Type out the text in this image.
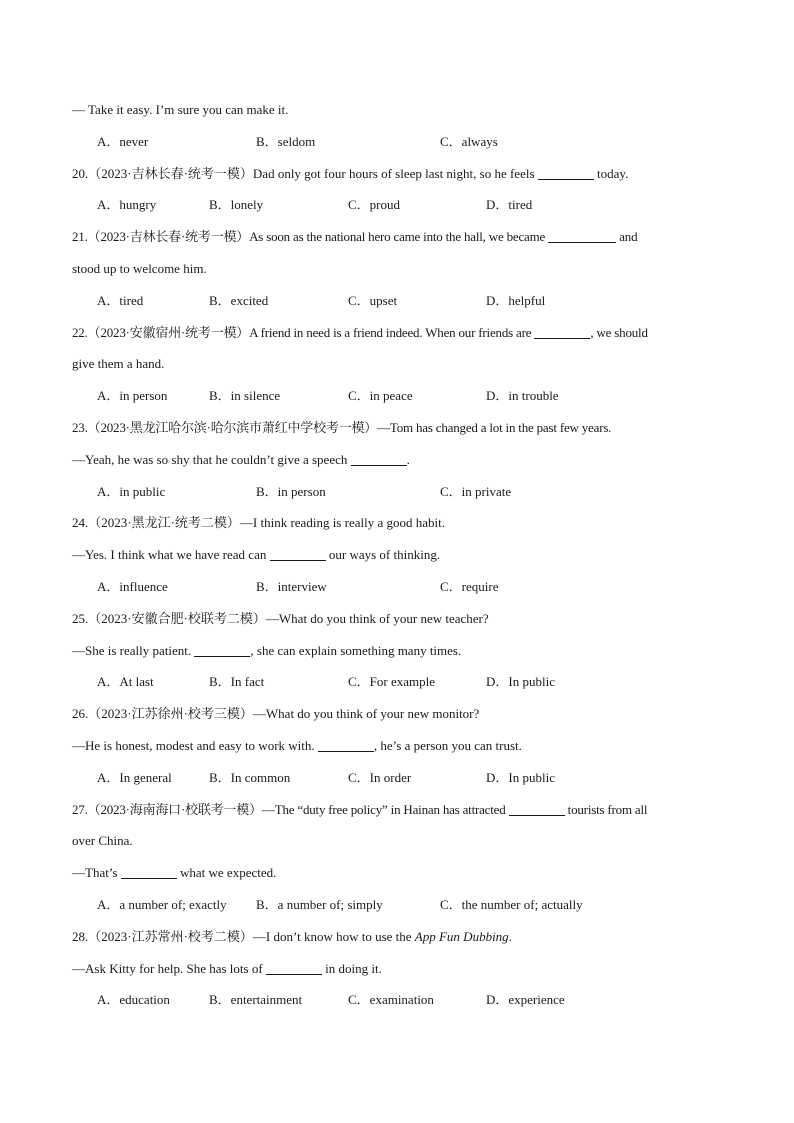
— Take it easy. I’m sure you can make it.
A．never	B．seldom	C．always
20.（2023·吉林长春·统考一模）Dad only got four hours of sleep last night, so he feels	today.
A．hungry	B．lonely	C．proud	D．tired
21.（2023·吉林长春·统考一模）As soon as the national hero came into the hall, we became	and
stood up to welcome him.
A．tired	B．excited	C．upset	D．helpful
22.（2023·安徽宿州·统考一模）A friend in need is a friend indeed. When our friends are	, we should
give them a hand.
A．in person	B．in silence	C．in peace	D．in trouble
23.（2023·黑龙江哈尔滨·哈尔滨市萧红中学校考一模）—Tom has changed a lot in the past few years.
—Yeah, he was so shy that he couldn’t give a speech	.
A．in public	B．in person	C．in private
24.（2023·黑龙江·统考二模）—I think reading is really a good habit.
—Yes. I think what we have read can	our ways of thinking.
A．influence	B．interview	C．require
25.（2023·安徽合肥·校联考二模）—What do you think of your new teacher?
—She is really patient.	, she can explain something many times.
A．At last	B．In fact	C．For example	D．In public
26.（2023·江苏徐州·校考三模）—What do you think of your new monitor?
—He is honest, modest and easy to work with.	, he’s a person you can trust.
A．In general	B．In common	C．In order	D．In public
27.（2023·海南海口·校联考一模）—The “duty free policy” in Hainan has attracted	tourists from all
over China.
—That’s	what we expected.
A．a number of; exactly B．a number of; simply	C．the number of; actually
28.（2023·江苏常州·校考二模）—I don’t know how to use the App Fun Dubbing.
—Ask Kitty for help. She has lots of	in doing it.
A．education	B．entertainment	C．examination	D．experience
